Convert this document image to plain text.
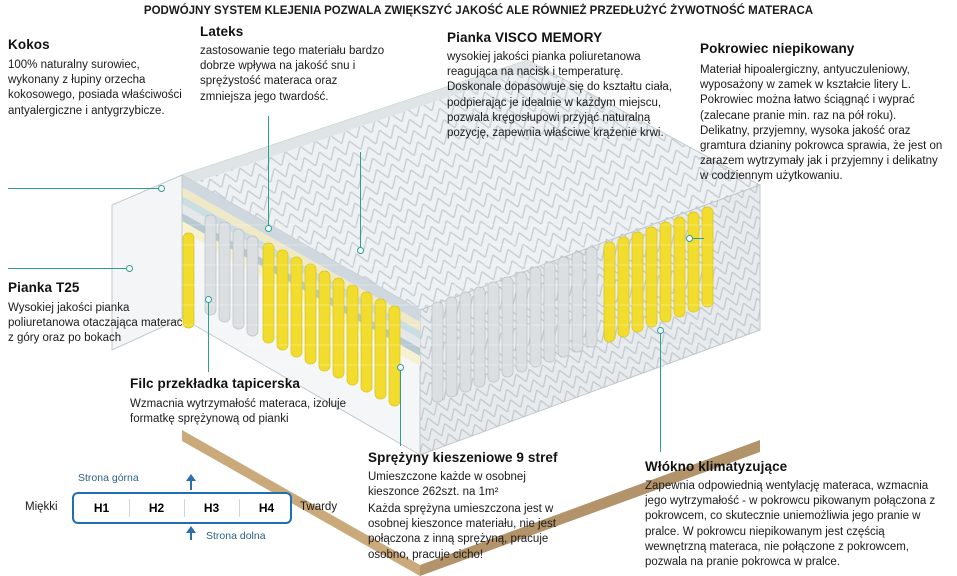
PODWÓJNY SYSTEM KLEJENIA POZWALA ZWIĘKSZYĆ JAKOŚĆ ALE RÓWNIEŻ PRZEDŁUŻYĆ ŻYWOTNOŚĆ MATERACA
Kokos
100% naturalny surowiec, wykonany z łupiny orzecha kokosowego, posiada właściwości antyalergiczne i antygrzybicze.
Lateks
zastosowanie tego materiału bardzo dobrze wpływa na jakość snu i sprężystość materaca oraz zmniejsza jego twardość.
Pianka VISCO MEMORY
wysokiej jakości pianka poliuretanowa reagująca na nacisk i temperaturę. Doskonale dopasowuje się do kształtu ciała, podpierając je idealnie w każdym miejscu, pozwala kręgosłupowi przyjąć naturalną pozycję, zapewnia właściwe krążenie krwi.
Pokrowiec niepikowany
Materiał hipoalergiczny, antyuczuleniowy, wyposażony w zamek w kształcie litery L. Pokrowiec można łatwo ściągnąć i wyprać (zalecane pranie min. raz na pół roku). Delikatny, przyjemny, wysoka jakość oraz gramtura dzianiny pokrowca sprawia, że jest on zarazem wytrzymały jak i przyjemny i delikatny w codziennym użytkowaniu.
Pianka T25
Wysokiej jakości pianka poliuretanowa otaczająca materac z góry oraz po bokach
Filc przekładka tapicerska
Wzmacnia wytrzymałość materaca, izoluje formatkę sprężynową od pianki
Sprężyny kieszeniowe 9 stref
Umieszczone każde w osobnej kieszonce 262szt. na 1m²
Każda sprężyna umieszczona jest w osobnej kieszonce materiału, nie jest połączona z inną sprężyną, pracuje osobno, pracuje cicho!
Włókno klimatyzujące
Zapewnia odpowiednią wentylację materaca, wzmacnia jego wytrzymałość - w pokrowcu pikowanym połączona z pokrowcem, co skutecznie uniemożliwia jego pranie w pralce. W pokrowcu niepikowanym jest częścią wewnętrzną materaca, nie połączone z pokrowcem, pozwala na pranie pokrowca w pralce.
Strona górna
H1	H2	H3	H4
Miękki	Twardy
Strona dolna
